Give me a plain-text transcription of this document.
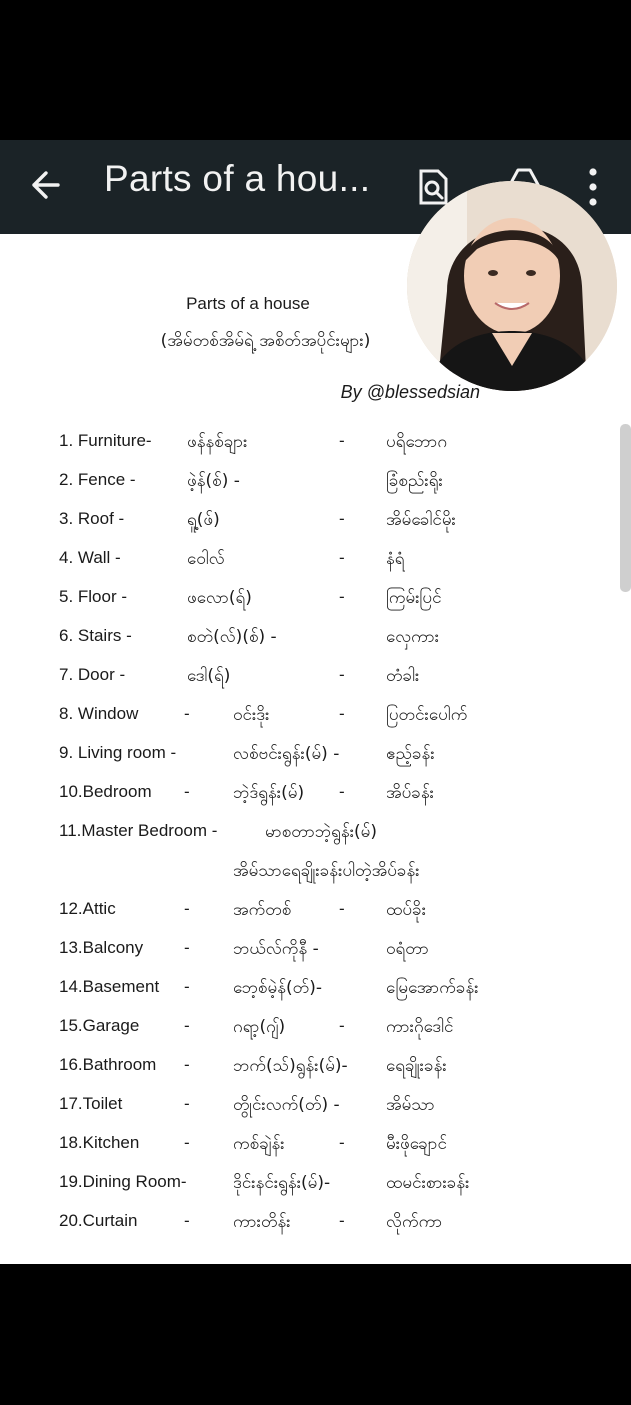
Parts of a hou...
Parts of a house
(အိမ်တစ်အိမ်ရဲ့ အစိတ်အပိုင်းများ)
By @blessedsian
1. Furniture- ဖန်နစ်ချား	- ပရိဘောဂ
2. Fence -	ဖဲ့န်(စ်) -	ခြံစည်းရိုး
3. Roof -	ရူ့(ဖ်)	- အိမ်ခေါင်မိုး
4. Wall -	ဝေါလ်	- နံရံ
5. Floor -	ဖလော(ရ်)	- ကြမ်းပြင်
6. Stairs -	စတဲ(လ်)(စ်) -	လှေကား
7. Door -	ဒေါ(ရ်)	- တံခါး
8. Window	-	ဝင်းဒိုး	- ပြတင်းပေါက်
9. Living room -	လစ်ဗင်းရွန်း(မ်) -	ဧည့်ခန်း
10.Bedroom -	ဘဲ့ဒ်ရွန်း(မ်) - အိပ်ခန်း
11.Master Bedroom -	မာစတာဘဲ့ရွန်း(မ်)
အိမ်သာရေချိုးခန်းပါတဲ့အိပ်ခန်း
12.Attic	-	အက်တစ်	- ထပ်ခိုး
13.Balcony -	ဘယ်လ်ကိုနီ -	ဝရံတာ
14.Basement -	ဘေ့စ်မဲ့န်(တ်)-	မြေအောက်ခန်း
15.Garage	-	ဂရာ့(ဂျ်)	- ကားဂိုဒေါင်
16.Bathroom -	ဘက်(သ်)ရွန်း(မ်)- ရေချိုးခန်း
17.Toilet	-	တွိုင်းလက်(တ်) -	အိမ်သာ
18.Kitchen	-	ကစ်ချဲန်း	- မီးဖိုချောင်
19.Dining Room-	ဒိုင်းနင်းရွန်း(မ်)-	ထမင်းစားခန်း
20.Curtain	-	ကားတိန်း	- လိုက်ကာ
